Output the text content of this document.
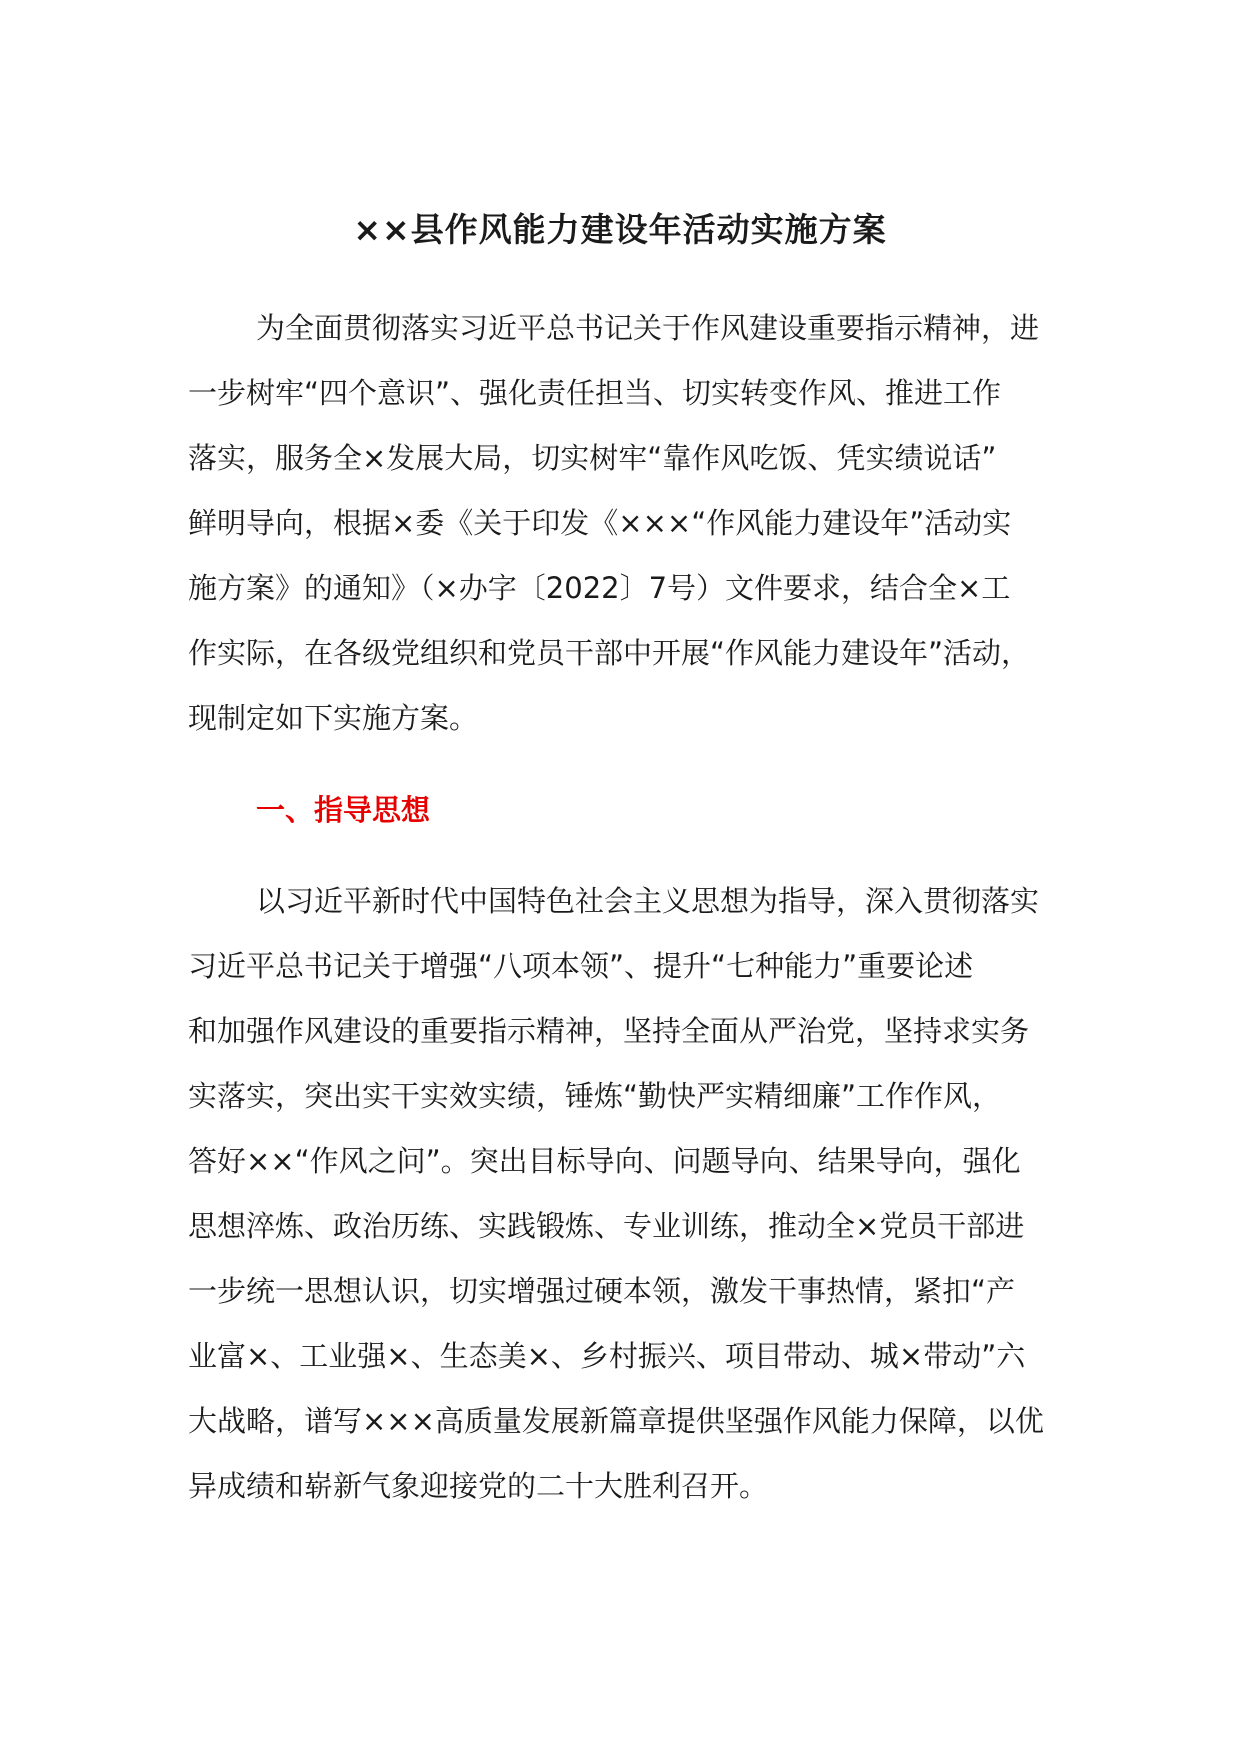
××县作风能力建设年活动实施方案
为全面贯彻落实习近平总书记关于作风建设重要指示精神，进
一步树牢“四个意识”、强化责任担当、切实转变作风、推进工作
落实，服务全×发展大局，切实树牢“靠作风吃饭、凭实绩说话”
鲜明导向，根据×委《关于印发《×××“作风能力建设年”活动实
施方案》的通知》（×办字〔2022〕7号）文件要求，结合全×工
作实际，在各级党组织和党员干部中开展“作风能力建设年”活动，
现制定如下实施方案。
一、指导思想
以习近平新时代中国特色社会主义思想为指导，深入贯彻落实
习近平总书记关于增强“八项本领”、提升“七种能力”重要论述
和加强作风建设的重要指示精神，坚持全面从严治党，坚持求实务
实落实，突出实干实效实绩，锤炼“勤快严实精细廉”工作作风，
答好××“作风之问”。突出目标导向、问题导向、结果导向，强化
思想淬炼、政治历练、实践锻炼、专业训练，推动全×党员干部进
一步统一思想认识，切实增强过硬本领，激发干事热情，紧扣“产
业富×、工业强×、生态美×、乡村振兴、项目带动、城×带动”六
大战略，谱写×××高质量发展新篇章提供坚强作风能力保障，以优
异成绩和崭新气象迎接党的二十大胜利召开。
